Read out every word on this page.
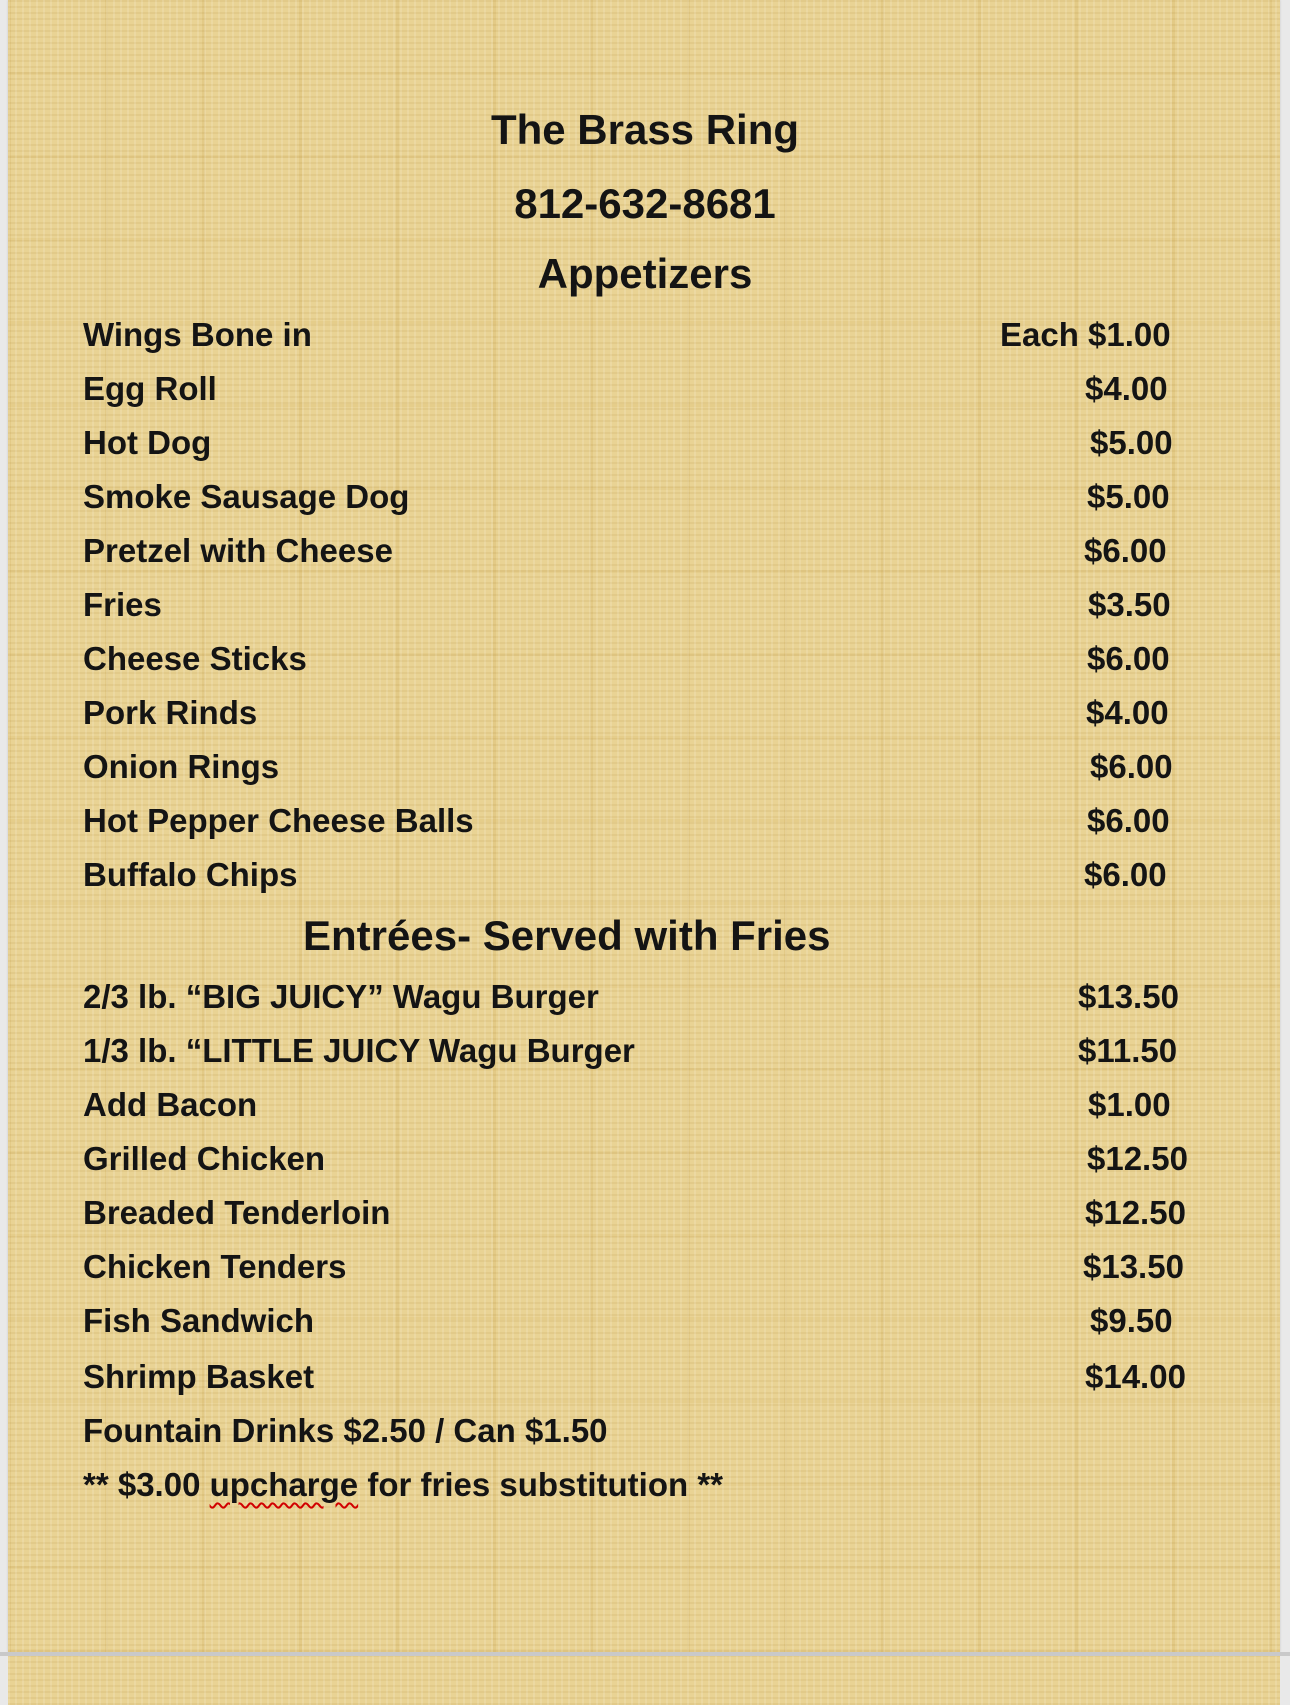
The Brass Ring
812-632-8681
Appetizers
Wings Bone in	Each $1.00
Egg Roll	$4.00
Hot Dog	$5.00
Smoke Sausage Dog	$5.00
Pretzel with Cheese	$6.00
Fries	$3.50
Cheese Sticks	$6.00
Pork Rinds	$4.00
Onion Rings	$6.00
Hot Pepper Cheese Balls	$6.00
Buffalo Chips	$6.00
Entrées- Served with Fries
2/3 lb. “BIG JUICY” Wagu Burger	$13.50
1/3 lb. “LITTLE JUICY Wagu Burger	$11.50
Add Bacon	$1.00
Grilled Chicken	$12.50
Breaded Tenderloin	$12.50
Chicken Tenders	$13.50
Fish Sandwich	$9.50
Shrimp Basket	$14.00
Fountain Drinks $2.50 / Can $1.50
** $3.00 upcharge for fries substitution **
